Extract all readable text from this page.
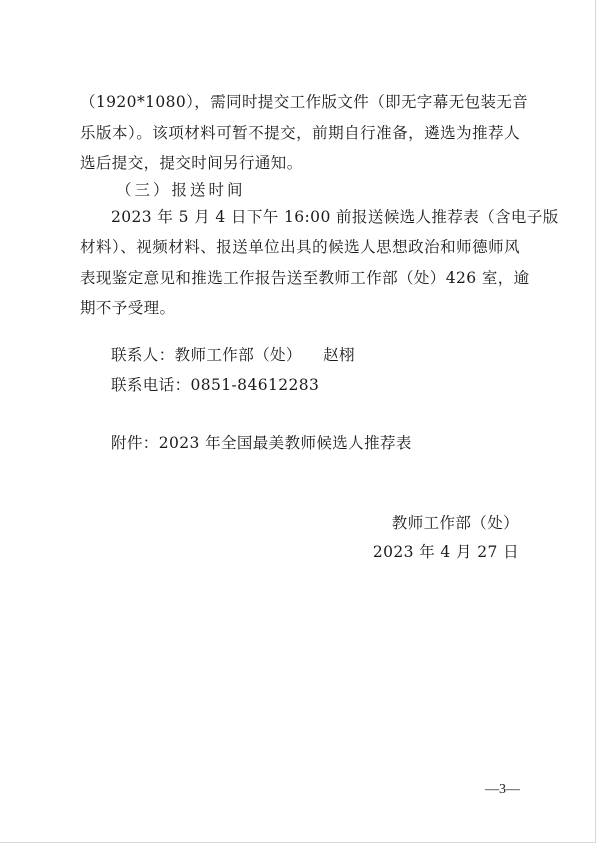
（1920*1080），需同时提交工作版文件（即无字幕无包装无音
乐版本）。该项材料可暂不提交，前期自行准备，遴选为推荐人
选后提交，提交时间另行通知。
（三）报送时间
2023 年 5 月 4 日下午 16:00 前报送候选人推荐表（含电子版
材料）、视频材料、报送单位出具的候选人思想政治和师德师风
表现鉴定意见和推选工作报告送至教师工作部（处）426 室，逾
期不予受理。
联系人：教师工作部（处）    赵栩
联系电话：0851-84612283
附件：2023 年全国最美教师候选人推荐表
教师工作部（处）
2023 年 4 月 27 日
—3—
